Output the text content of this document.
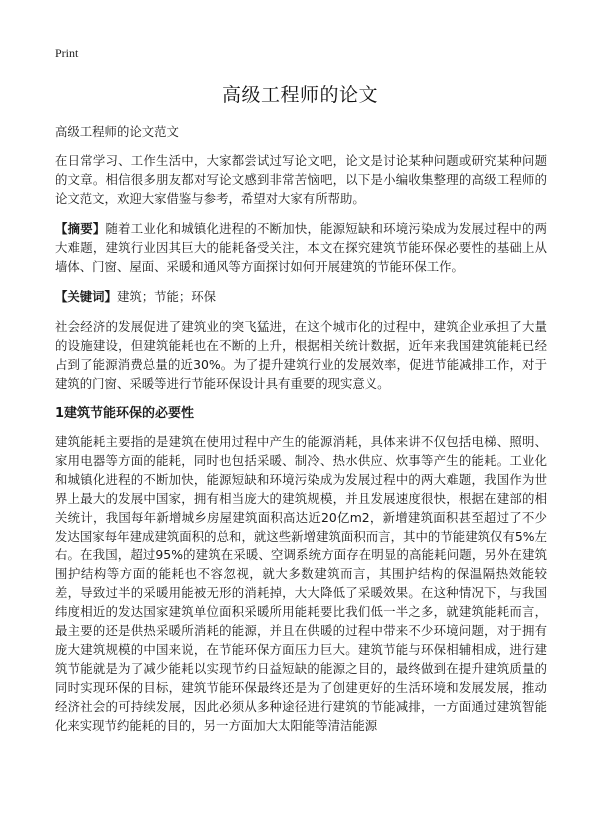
Print
高级工程师的论文

高级工程师的论文范文

在日常学习、工作生活中，大家都尝试过写论文吧，论文是讨论某种问题或研究某种问题的文章。相信很多朋友都对写论文感到非常苦恼吧，以下是小编收集整理的高级工程师的论文范文，欢迎大家借鉴与参考，希望对大家有所帮助。

【摘要】随着工业化和城镇化进程的不断加快，能源短缺和环境污染成为发展过程中的两大难题，建筑行业因其巨大的能耗备受关注，本文在探究建筑节能环保必要性的基础上从墙体、门窗、屋面、采暖和通风等方面探讨如何开展建筑的节能环保工作。

【关键词】建筑；节能；环保

社会经济的发展促进了建筑业的突飞猛进，在这个城市化的过程中，建筑企业承担了大量的设施建设，但建筑能耗也在不断的上升，根据相关统计数据，近年来我国建筑能耗已经占到了能源消费总量的近30%。为了提升建筑行业的发展效率，促进节能减排工作，对于建筑的门窗、采暖等进行节能环保设计具有重要的现实意义。

1建筑节能环保的必要性

建筑能耗主要指的是建筑在使用过程中产生的能源消耗，具体来讲不仅包括电梯、照明、家用电器等方面的能耗，同时也包括采暖、制冷、热水供应、炊事等产生的能耗。工业化和城镇化进程的不断加快，能源短缺和环境污染成为发展过程中的两大难题，我国作为世界上最大的发展中国家，拥有相当庞大的建筑规模，并且发展速度很快，根据在建部的相关统计，我国每年新增城乡房屋建筑面积高达近20亿m2，新增建筑面积甚至超过了不少发达国家每年建成建筑面积的总和，就这些新增建筑面积而言，其中的节能建筑仅有5%左右。在我国，超过95%的建筑在采暖、空调系统方面存在明显的高能耗问题，另外在建筑围护结构等方面的能耗也不容忽视，就大多数建筑而言，其围护结构的保温隔热效能较差，导致过半的采暖用能被无形的消耗掉，大大降低了采暖效果。在这种情况下，与我国纬度相近的发达国家建筑单位面积采暖所用能耗要比我们低一半之多，就建筑能耗而言，最主要的还是供热采暖所消耗的能源，并且在供暖的过程中带来不少环境问题，对于拥有庞大建筑规模的中国来说，在节能环保方面压力巨大。建筑节能与环保相辅相成，进行建筑节能就是为了减少能耗以实现节约日益短缺的能源之目的，最终做到在提升建筑质量的同时实现环保的目标，建筑节能环保最终还是为了创建更好的生活环境和发展发展，推动经济社会的可持续发展，因此必须从多种途径进行建筑的节能减排，一方面通过建筑智能化来实现节约能耗的目的，另一方面加大太阳能等清洁能源
